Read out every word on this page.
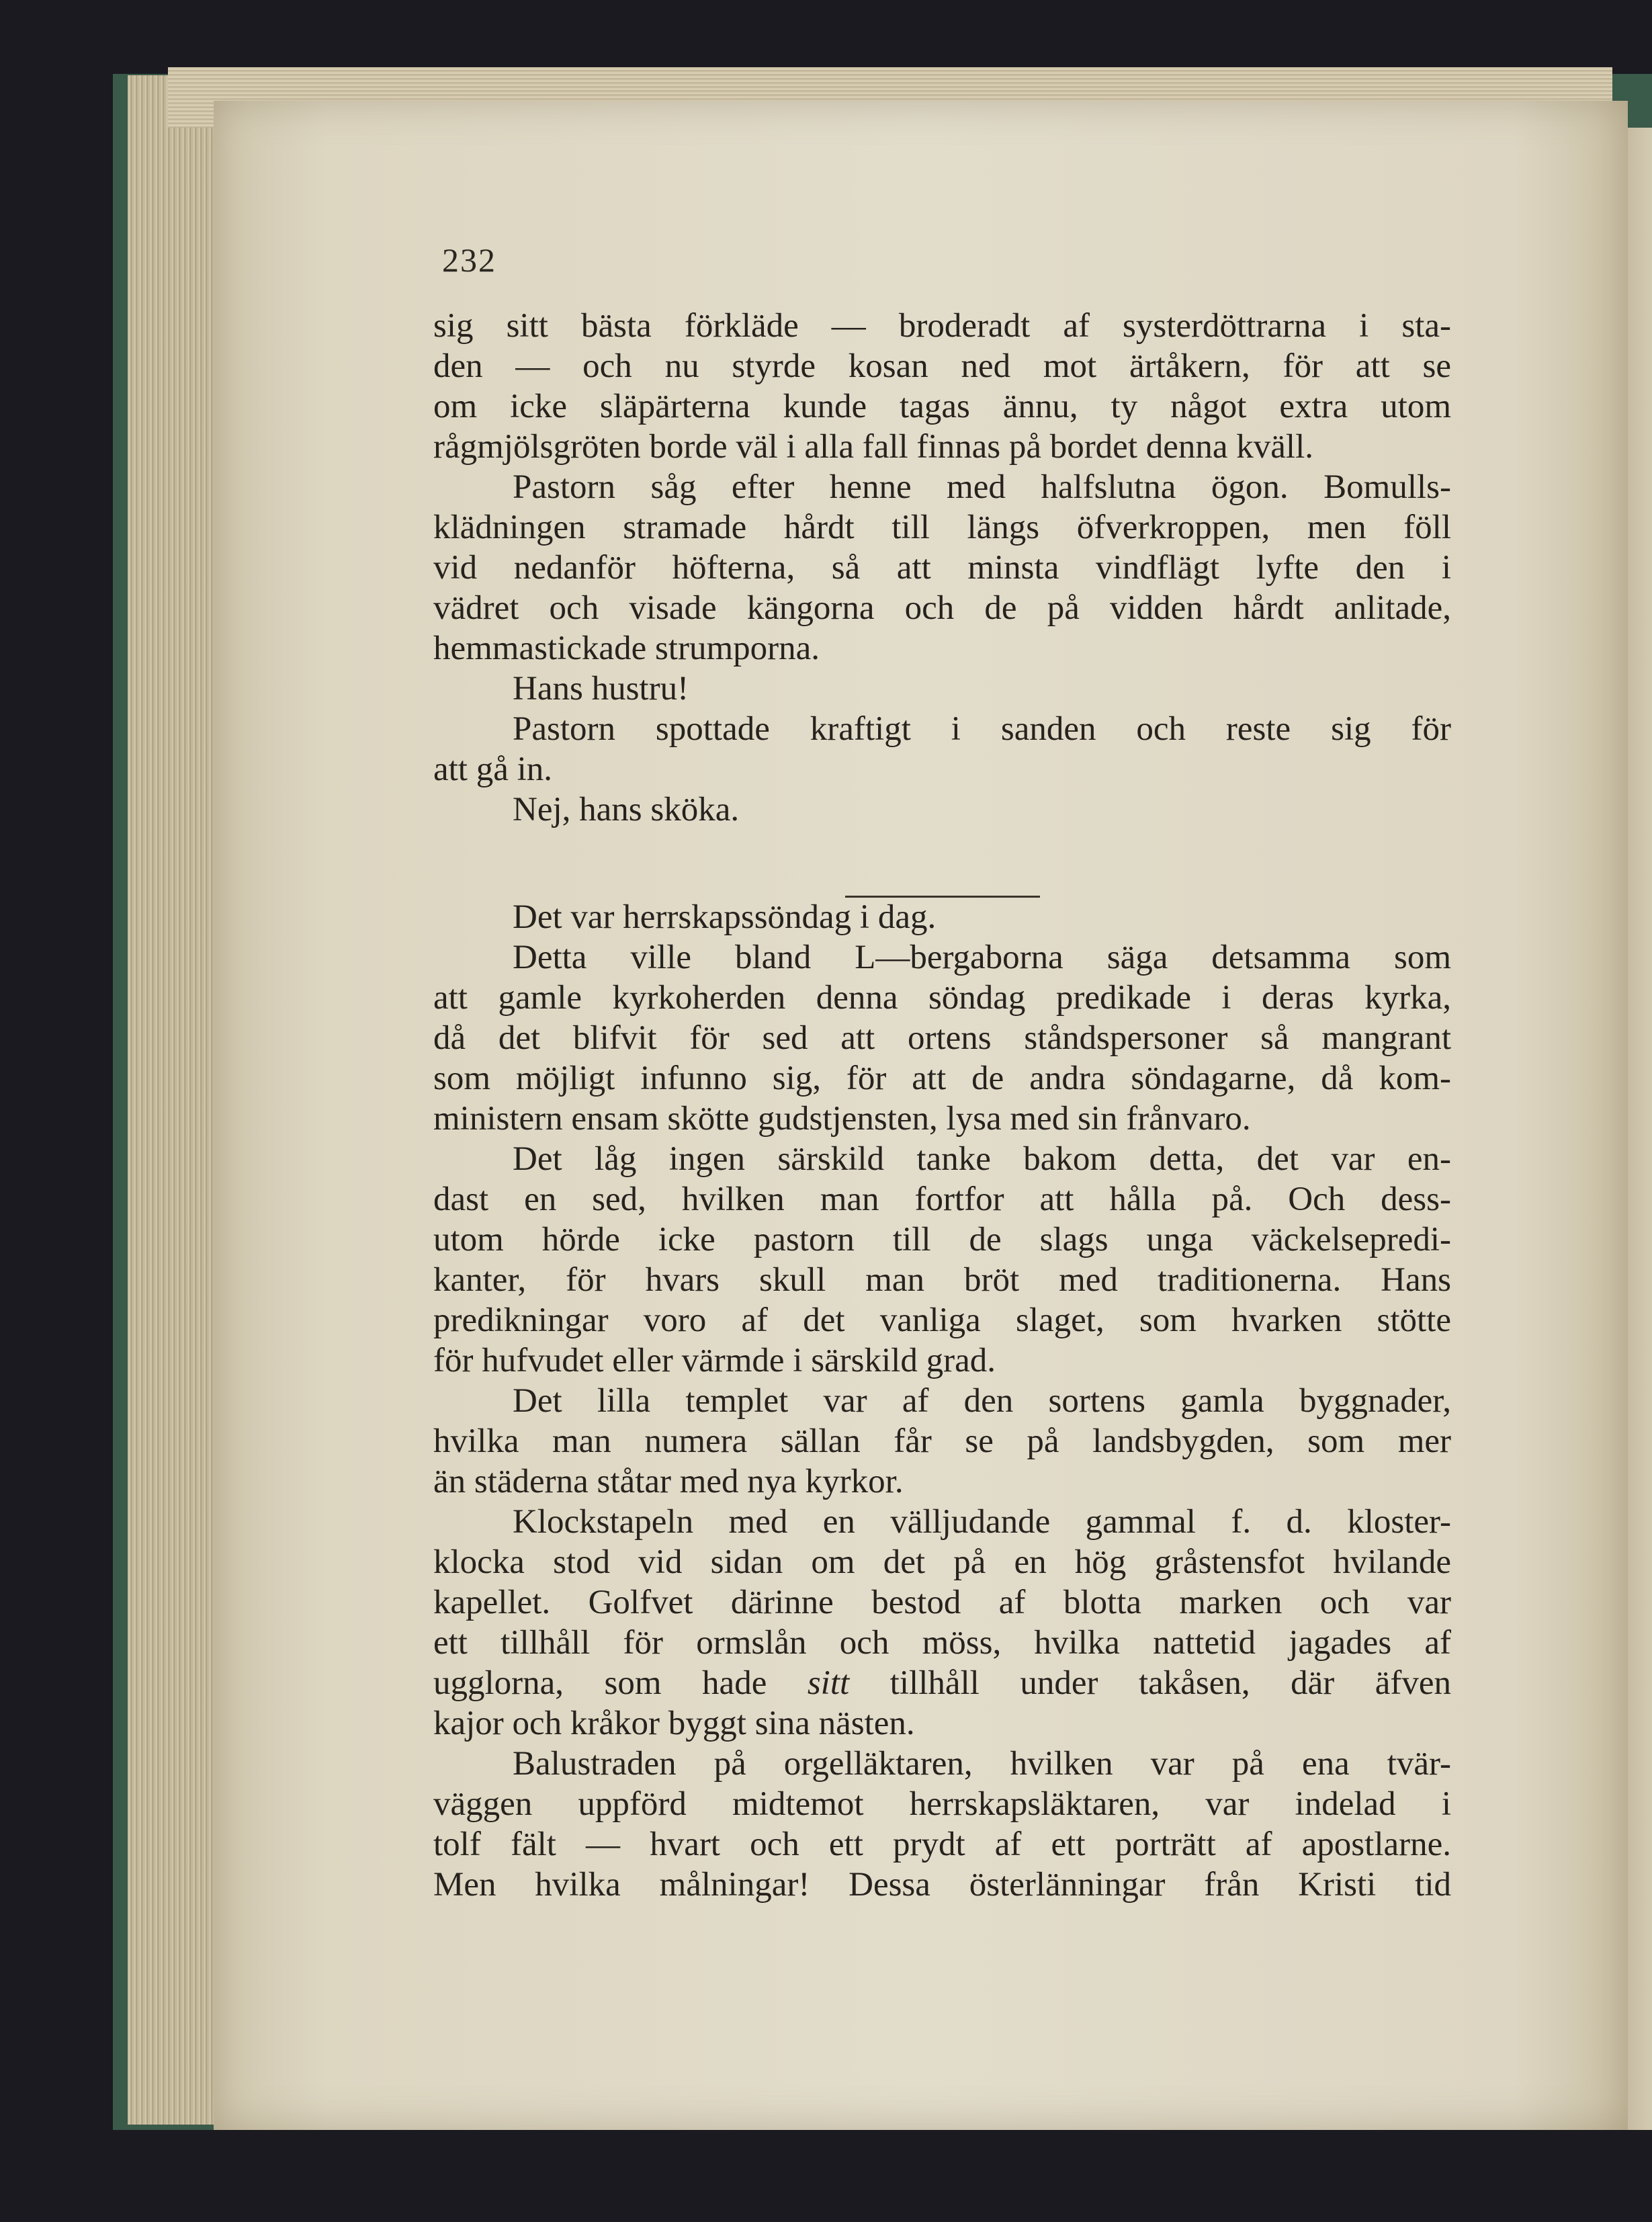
232
sig sitt bästa förkläde — broderadt af systerdöttrarna i sta-
den — och nu styrde kosan ned mot ärtåkern, för att se
om icke släpärterna kunde tagas ännu, ty något extra utom
rågmjölsgröten borde väl i alla fall finnas på bordet denna kväll.
Pastorn såg efter henne med halfslutna ögon. Bomulls-
klädningen stramade hårdt till längs öfverkroppen, men föll
vid nedanför höfterna, så att minsta vindflägt lyfte den i
vädret och visade kängorna och de på vidden hårdt anlitade,
hemmastickade strumporna.
Hans hustru!
Pastorn spottade kraftigt i sanden och reste sig för
att gå in.
Nej, hans sköka.
Det var herrskapssöndag i dag.
Detta ville bland L—bergaborna säga detsamma som
att gamle kyrkoherden denna söndag predikade i deras kyrka,
då det blifvit för sed att ortens ståndspersoner så mangrant
som möjligt infunno sig, för att de andra söndagarne, då kom-
ministern ensam skötte gudstjensten, lysa med sin frånvaro.
Det låg ingen särskild tanke bakom detta, det var en-
dast en sed, hvilken man fortfor att hålla på. Och dess-
utom hörde icke pastorn till de slags unga väckelsepredi-
kanter, för hvars skull man bröt med traditionerna. Hans
predikningar voro af det vanliga slaget, som hvarken stötte
för hufvudet eller värmde i särskild grad.
Det lilla templet var af den sortens gamla byggnader,
hvilka man numera sällan får se på landsbygden, som mer
än städerna ståtar med nya kyrkor.
Klockstapeln med en välljudande gammal f. d. kloster-
klocka stod vid sidan om det på en hög gråstensfot hvilande
kapellet. Golfvet därinne bestod af blotta marken och var
ett tillhåll för ormslån och möss, hvilka nattetid jagades af
ugglorna, som hade sitt tillhåll under takåsen, där äfven
kajor och kråkor byggt sina nästen.
Balustraden på orgelläktaren, hvilken var på ena tvär-
väggen uppförd midtemot herrskapsläktaren, var indelad i
tolf fält — hvart och ett prydt af ett porträtt af apostlarne.
Men hvilka målningar! Dessa österlänningar från Kristi tid
